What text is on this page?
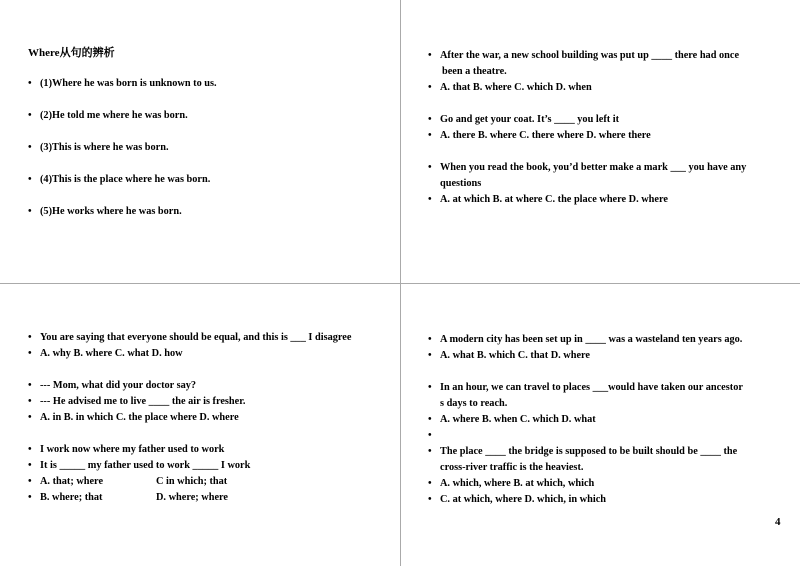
Where从句的辨析
• (1)Where he was born is unknown to us.
• (2)He told me where he was born.
• (3)This is where he was born.
• (4)This is the place where he was born.
• (5)He works where he was born.
• After the war, a new school building was put up ____ there had once
been a theatre.
• A. that B. where C. which D. when
• Go and get your coat. It’s ____ you left it
• A. there B. where C. there where D. where there
• When you read the book, you’d better make a mark ___ you have any
questions
• A. at which B. at where C. the place where D. where
• You are saying that everyone should be equal, and this is ___ I disagree
• A. why B. where C. what D. how
• --- Mom, what did your doctor say?
• --- He advised me to live ____ the air is fresher.
• A. in B. in which C. the place where D. where
• I work now where my father used to work
• It is _____ my father used to work _____ I work
• A. that; where	C in which; that
• B. where; that	D. where; where
• A modern city has been set up in ____ was a wasteland ten years ago.
• A. what B. which C. that D. where
• In an hour, we can travel to places ___would have taken our ancestor
s days to reach.
• A. where B. when C. which D. what
•

• The place ____ the bridge is supposed to be built should be ____ the
cross-river traffic is the heaviest.
• A. which, where B. at which, which
• C. at which, where D. which, in which
4
